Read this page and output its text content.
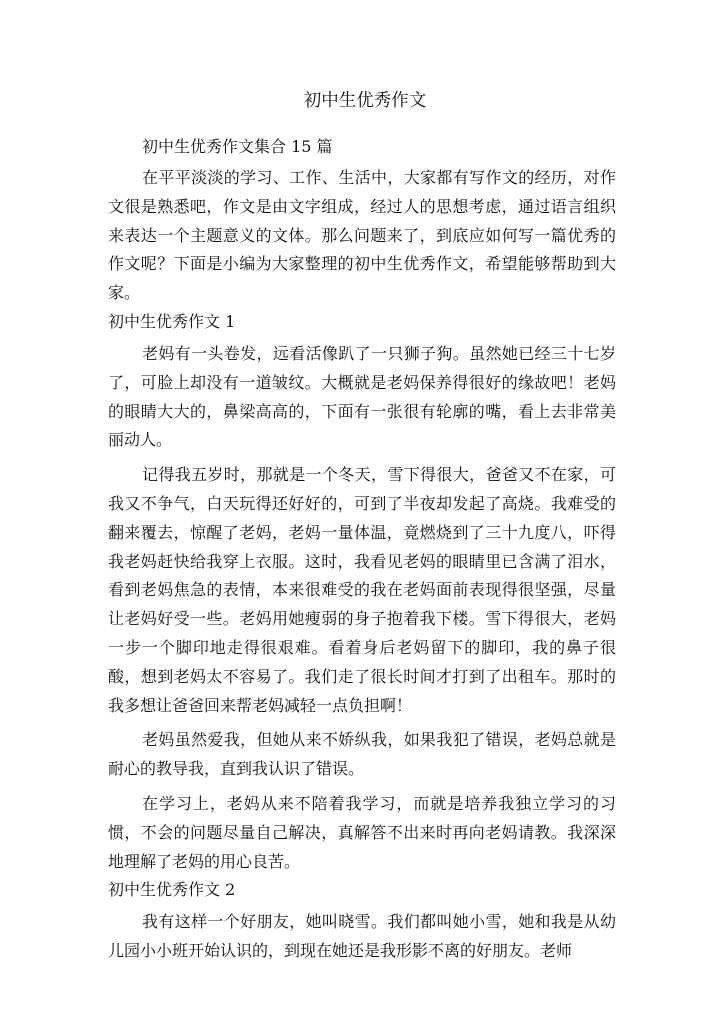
初中生优秀作文
初中生优秀作文集合 15 篇

在平平淡淡的学习、工作、生活中，大家都有写作文的经历，对作文很是熟悉吧，作文是由文字组成，经过人的思想考虑，通过语言组织来表达一个主题意义的文体。那么问题来了，到底应如何写一篇优秀的作文呢？下面是小编为大家整理的初中生优秀作文，希望能够帮助到大家。

初中生优秀作文 1

老妈有一头卷发，远看活像趴了一只狮子狗。虽然她已经三十七岁了，可脸上却没有一道皱纹。大概就是老妈保养得很好的缘故吧！老妈的眼睛大大的，鼻梁高高的，下面有一张很有轮廓的嘴，看上去非常美丽动人。

记得我五岁时，那就是一个冬天，雪下得很大，爸爸又不在家，可我又不争气，白天玩得还好好的，可到了半夜却发起了高烧。我难受的翻来覆去，惊醒了老妈，老妈一量体温，竟燃烧到了三十九度八，吓得我老妈赶快给我穿上衣服。这时，我看见老妈的眼睛里已含满了泪水，看到老妈焦急的表情，本来很难受的我在老妈面前表现得很坚强，尽量让老妈好受一些。老妈用她瘦弱的身子抱着我下楼。雪下得很大，老妈一步一个脚印地走得很艰难。看着身后老妈留下的脚印，我的鼻子很酸，想到老妈太不容易了。我们走了很长时间才打到了出租车。那时的我多想让爸爸回来帮老妈减轻一点负担啊！

老妈虽然爱我，但她从来不娇纵我，如果我犯了错误，老妈总就是耐心的教导我，直到我认识了错误。

在学习上，老妈从来不陪着我学习，而就是培养我独立学习的习惯，不会的问题尽量自己解决，真解答不出来时再向老妈请教。我深深地理解了老妈的用心良苦。

初中生优秀作文 2

我有这样一个好朋友，她叫晓雪。我们都叫她小雪，她和我是从幼儿园小小班开始认识的，到现在她还是我形影不离的好朋友。老师
